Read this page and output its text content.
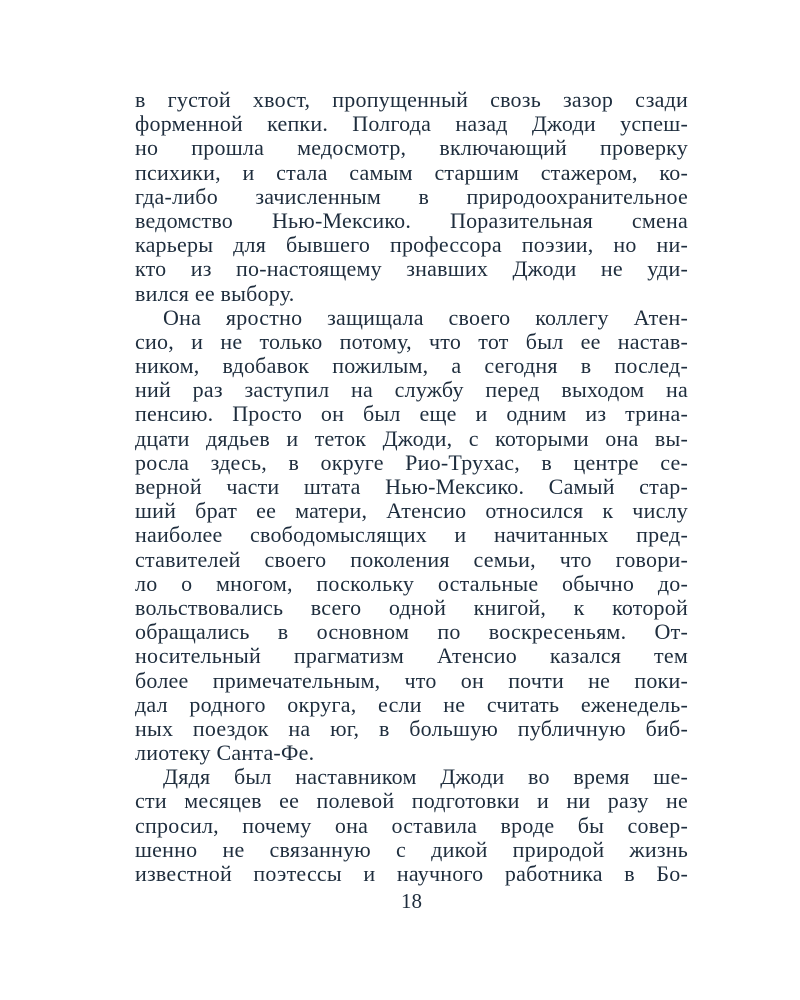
в густой хвост, пропущенный свозь зазор сзади
форменной кепки. Полгода назад Джоди успеш-
но прошла медосмотр, включающий проверку
психики, и стала самым старшим стажером, ко-
гда-либо зачисленным в природоохранительное
ведомство Нью-Мексико. Поразительная смена
карьеры для бывшего профессора поэзии, но ни-
кто из по-настоящему знавших Джоди не уди-
вился ее выбору.
Она яростно защищала своего коллегу Атен-
сио, и не только потому, что тот был ее настав-
ником, вдобавок пожилым, а сегодня в послед-
ний раз заступил на службу перед выходом на
пенсию. Просто он был еще и одним из трина-
дцати дядьев и теток Джоди, с которыми она вы-
росла здесь, в округе Рио-Трухас, в центре се-
верной части штата Нью-Мексико. Самый стар-
ший брат ее матери, Атенсио относился к числу
наиболее свободомыслящих и начитанных пред-
ставителей своего поколения семьи, что говори-
ло о многом, поскольку остальные обычно до-
вольствовались всего одной книгой, к которой
обращались в основном по воскресеньям. От-
носительный прагматизм Атенсио казался тем
более примечательным, что он почти не поки-
дал родного округа, если не считать еженедель-
ных поездок на юг, в большую публичную биб-
лиотеку Санта-Фе.
Дядя был наставником Джоди во время ше-
сти месяцев ее полевой подготовки и ни разу не
спросил, почему она оставила вроде бы совер-
шенно не связанную с дикой природой жизнь
известной поэтессы и научного работника в Бо-
18
